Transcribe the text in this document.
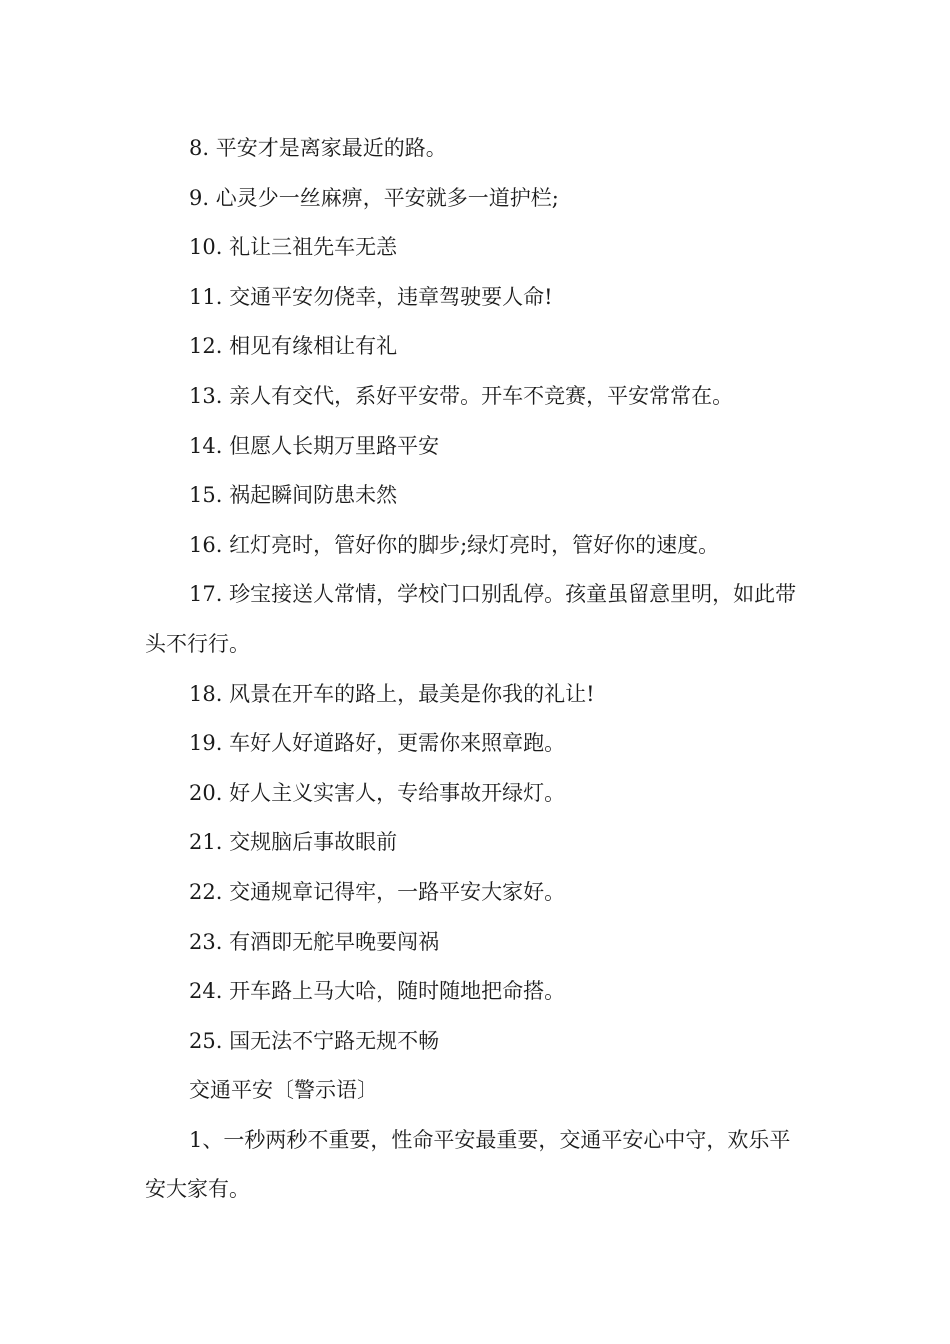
8. 平安才是离家最近的路。

9. 心灵少一丝麻痹，平安就多一道护栏;

10. 礼让三祖先车无恙

11. 交通平安勿侥幸，违章驾驶要人命!

12. 相见有缘相让有礼

13. 亲人有交代，系好平安带。开车不竞赛，平安常常在。

14. 但愿人长期万里路平安

15. 祸起瞬间防患未然

16. 红灯亮时，管好你的脚步;绿灯亮时，管好你的速度。

17. 珍宝接送人常情，学校门口别乱停。孩童虽留意里明，如此带头不行行。

18. 风景在开车的路上，最美是你我的礼让!

19. 车好人好道路好，更需你来照章跑。

20. 好人主义实害人，专给事故开绿灯。

21. 交规脑后事故眼前

22. 交通规章记得牢，一路平安大家好。

23. 有酒即无舵早晚要闯祸

24. 开车路上马大哈，随时随地把命搭。

25. 国无法不宁路无规不畅

交通平安〔警示语〕

1、一秒两秒不重要，性命平安最重要，交通平安心中守，欢乐平安大家有。
